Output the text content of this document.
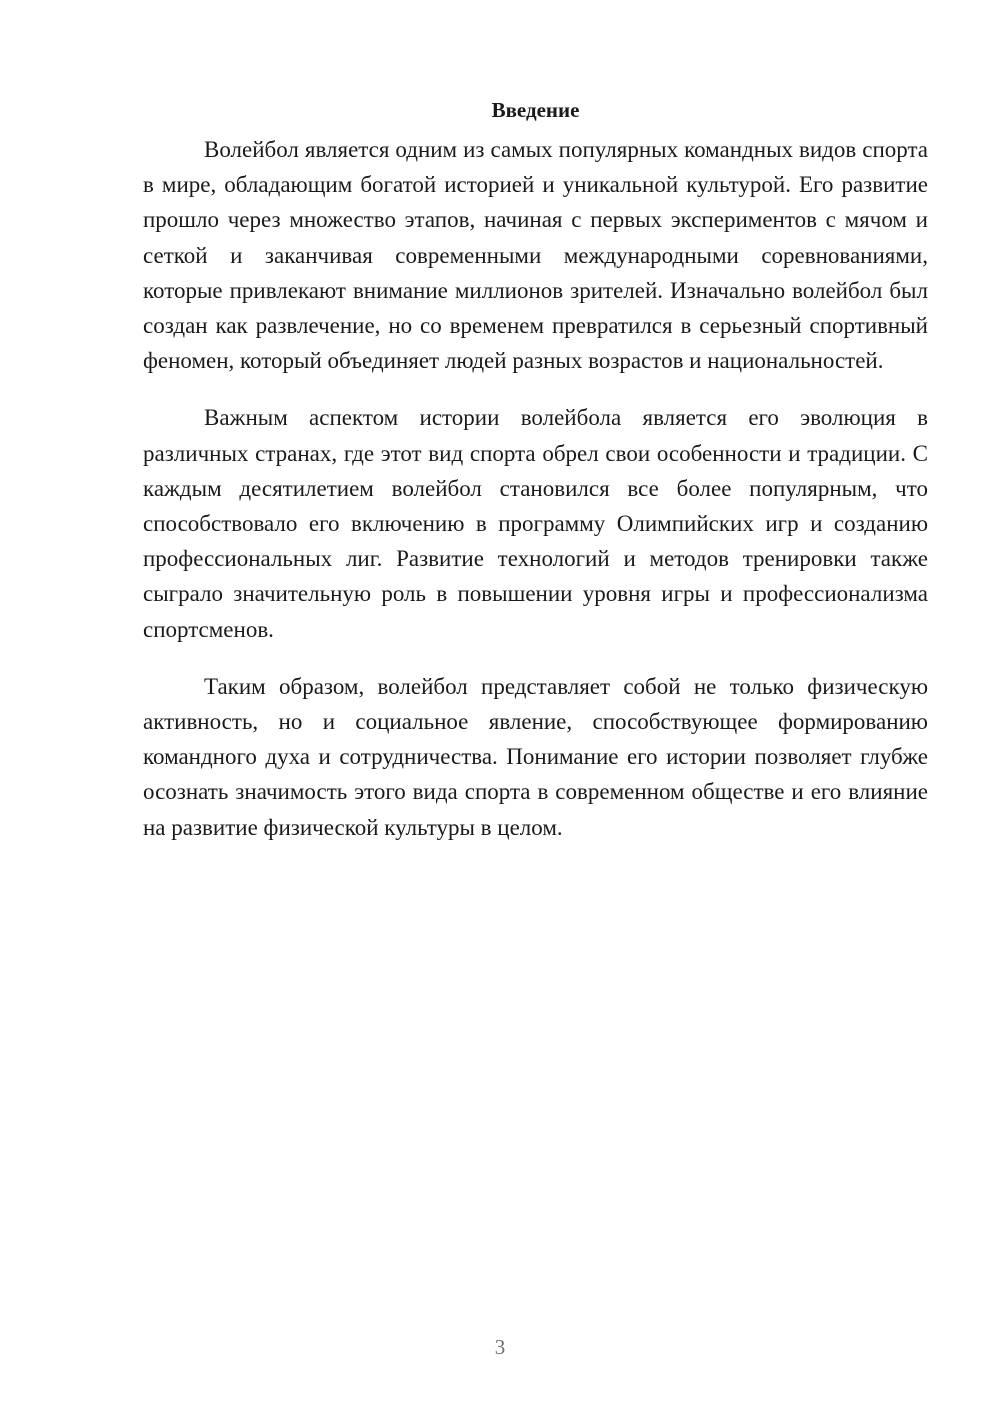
Введение

Волейбол является одним из самых популярных командных видов спорта в мире, обладающим богатой историей и уникальной культурой. Его развитие прошло через множество этапов, начиная с первых экспериментов с мячом и сеткой и заканчивая современными международными соревнованиями, которые привлекают внимание миллионов зрителей. Изначально волейбол был создан как развлечение, но со временем превратился в серьезный спортивный феномен, который объединяет людей разных возрастов и национальностей.

Важным аспектом истории волейбола является его эволюция в различных странах, где этот вид спорта обрел свои особенности и традиции. С каждым десятилетием волейбол становился все более популярным, что способствовало его включению в программу Олимпийских игр и созданию профессиональных лиг. Развитие технологий и методов тренировки также сыграло значительную роль в повышении уровня игры и профессионализма спортсменов.

Таким образом, волейбол представляет собой не только физическую активность, но и социальное явление, способствующее формированию командного духа и сотрудничества. Понимание его истории позволяет глубже осознать значимость этого вида спорта в современном обществе и его влияние на развитие физической культуры в целом.

3
